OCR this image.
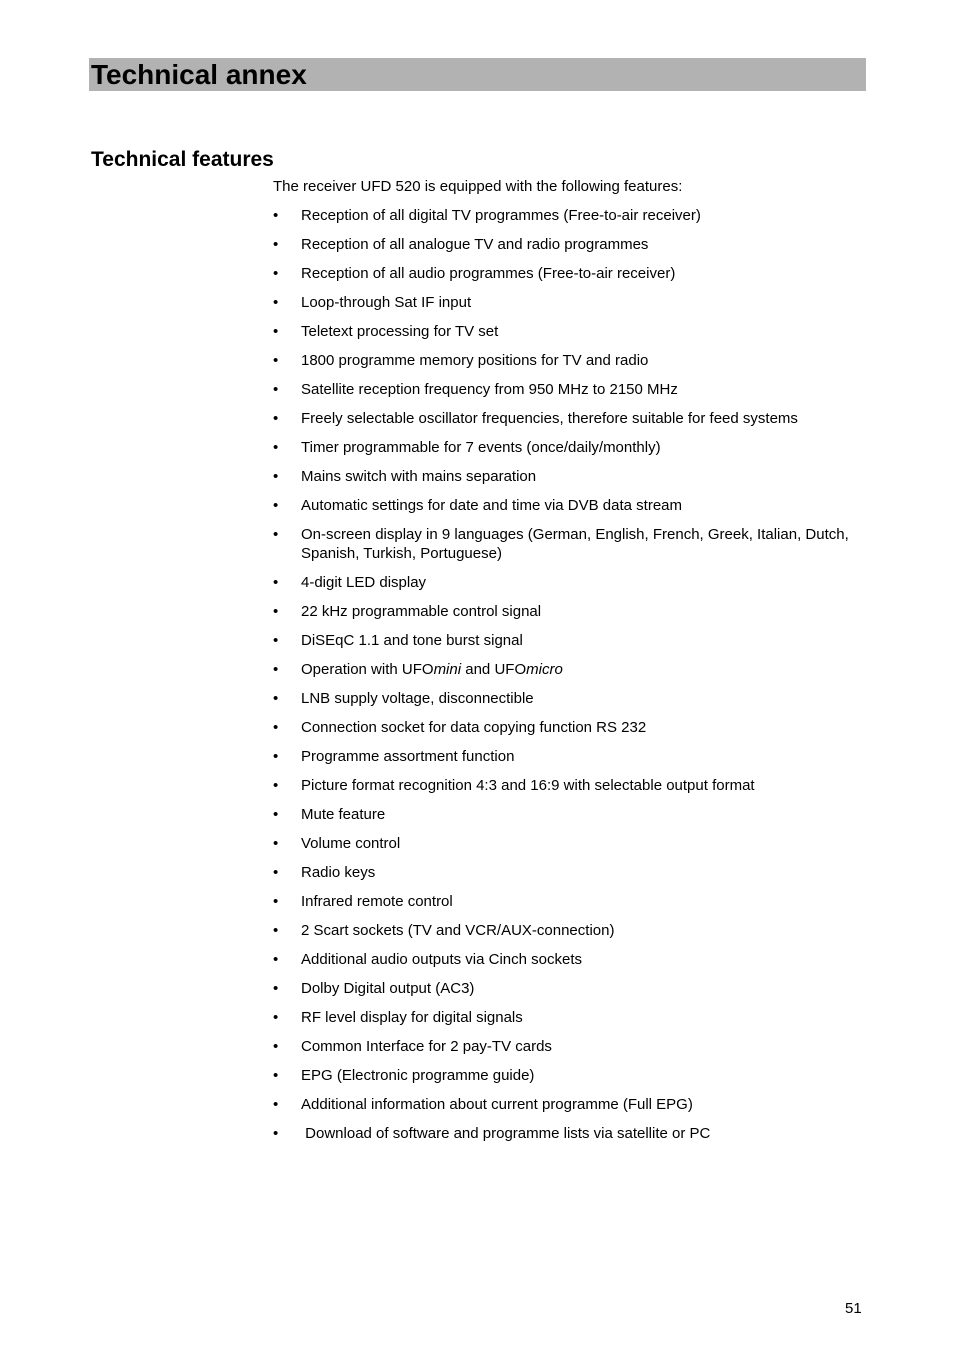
Technical annex
Technical features

The receiver UFD 520 is equipped with the following features:

•	Reception of all digital TV programmes (Free-to-air receiver)
•	Reception of all analogue TV and radio programmes
•	Reception of all audio programmes (Free-to-air receiver)
•	Loop-through Sat IF input
•	Teletext processing for TV set
•	1800 programme memory positions for TV and radio
•	Satellite reception frequency from 950 MHz to 2150 MHz
•	Freely selectable oscillator frequencies, therefore suitable for feed systems
•	Timer programmable for 7 events (once/daily/monthly)
•	Mains switch with mains separation
•	Automatic settings for date and time via DVB data stream
•	On-screen display in 9 languages (German, English, French, Greek, Italian, Dutch, Spanish, Turkish, Portuguese)
•	4-digit LED display
•	22 kHz programmable control signal
•	DiSEqC 1.1 and tone burst signal
•	Operation with UFOmini and UFOmicro
•	LNB supply voltage, disconnectible
•	Connection socket for data copying function RS 232
•	Programme assortment function
•	Picture format recognition 4:3 and 16:9 with selectable output format
•	Mute feature
•	Volume control
•	Radio keys
•	Infrared remote control
•	2 Scart sockets (TV and VCR/AUX-connection)
•	Additional audio outputs via Cinch sockets
•	Dolby Digital output (AC3)
•	RF level display for digital signals
•	Common Interface for 2 pay-TV cards
•	EPG (Electronic programme guide)
•	Additional information about current programme (Full EPG)
•	Download of software and programme lists via satellite or PC
51
